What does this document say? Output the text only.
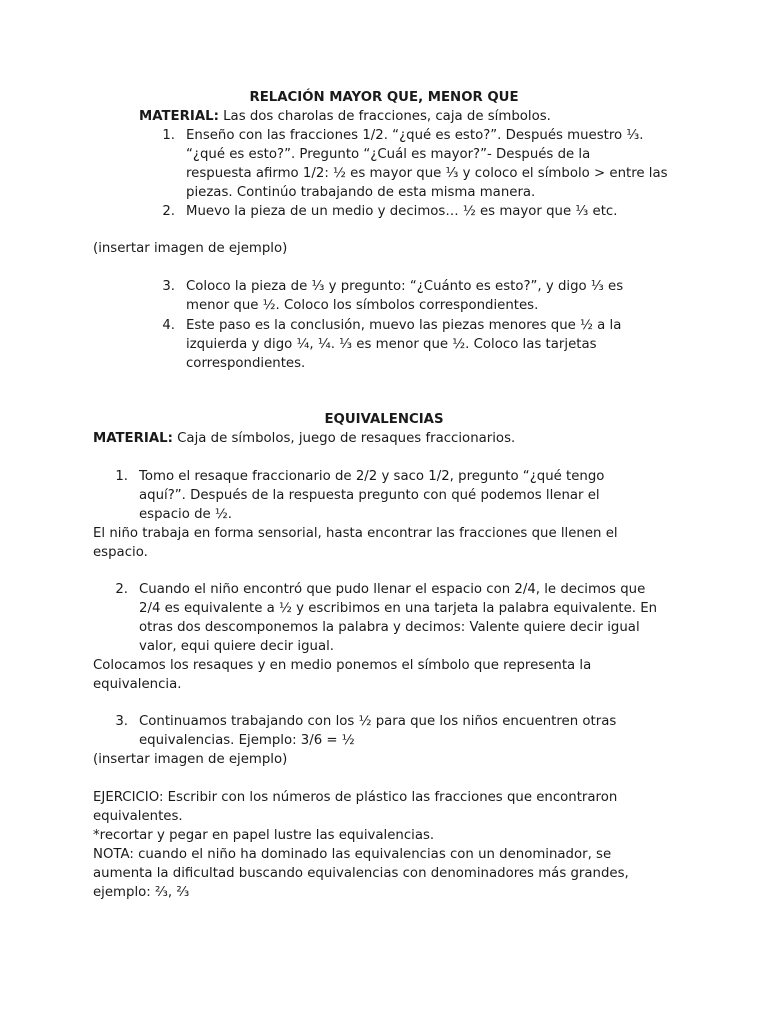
RELACIÓN MAYOR QUE, MENOR QUE
MATERIAL: Las dos charolas de fracciones, caja de símbolos.
1. Enseño con las fracciones 1/2. “¿qué es esto?”. Después muestro ⅓.
“¿qué es esto?”. Pregunto “¿Cuál es mayor?”- Después de la
respuesta afirmo 1/2: ½ es mayor que ⅓ y coloco el símbolo > entre las
piezas. Continúo trabajando de esta misma manera.
2. Muevo la pieza de un medio y decimos… ½ es mayor que ⅓ etc.
(insertar imagen de ejemplo)
3. Coloco la pieza de ⅓ y pregunto: “¿Cuánto es esto?”, y digo ⅓ es
menor que ½. Coloco los símbolos correspondientes.
4. Este paso es la conclusión, muevo las piezas menores que ½ a la
izquierda y digo ¼, ¼. ⅓ es menor que ½. Coloco las tarjetas
correspondientes.
EQUIVALENCIAS
MATERIAL: Caja de símbolos, juego de resaques fraccionarios.
1. Tomo el resaque fraccionario de 2/2 y saco 1/2, pregunto “¿qué tengo
aquí?”. Después de la respuesta pregunto con qué podemos llenar el
espacio de ½.
El niño trabaja en forma sensorial, hasta encontrar las fracciones que llenen el
espacio.
2. Cuando el niño encontró que pudo llenar el espacio con 2/4, le decimos que
2/4 es equivalente a ½ y escribimos en una tarjeta la palabra equivalente. En
otras dos descomponemos la palabra y decimos: Valente quiere decir igual
valor, equi quiere decir igual.
Colocamos los resaques y en medio ponemos el símbolo que representa la
equivalencia.
3. Continuamos trabajando con los ½ para que los niños encuentren otras
equivalencias. Ejemplo: 3/6 = ½
(insertar imagen de ejemplo)
EJERCICIO: Escribir con los números de plástico las fracciones que encontraron
equivalentes.
*recortar y pegar en papel lustre las equivalencias.
NOTA: cuando el niño ha dominado las equivalencias con un denominador, se
aumenta la dificultad buscando equivalencias con denominadores más grandes,
ejemplo: ⅔, ⅔
